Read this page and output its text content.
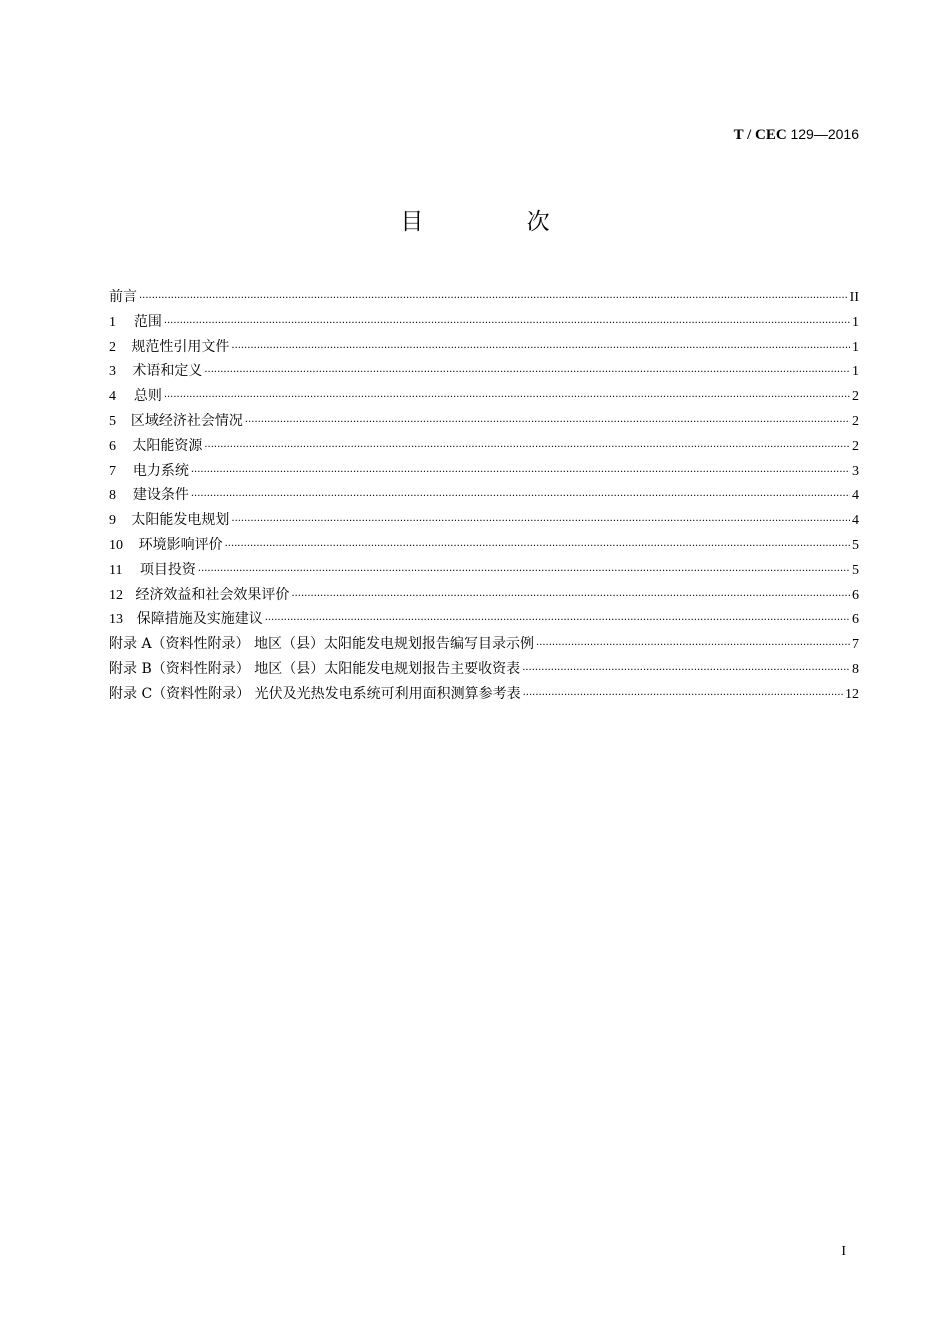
T / CEC 129—2016
目 次
前言 ·····	II
1	范围 ·····	1
2	规范性引用文件 ·····	1
3	术语和定义 ·····	1
4	总则 ·····	2
5	区域经济社会情况 ·····	2
6	太阳能资源 ·····	2
7	电力系统 ·····	3
8	建设条件 ·····	4
9	太阳能发电规划 ·····	4
10	环境影响评价 ·····	5
11	项目投资 ·····	5
12 经济效益和社会效果评价 ·····	6
13 保障措施及实施建议 ·····	6
附录 A（资料性附录） 地区（县）太阳能发电规划报告编写目录示例 ·····	7
附录 B（资料性附录） 地区（县）太阳能发电规划报告主要收资表 ·····	8
附录 C（资料性附录） 光伏及光热发电系统可利用面积测算参考表 ·····	12
I
